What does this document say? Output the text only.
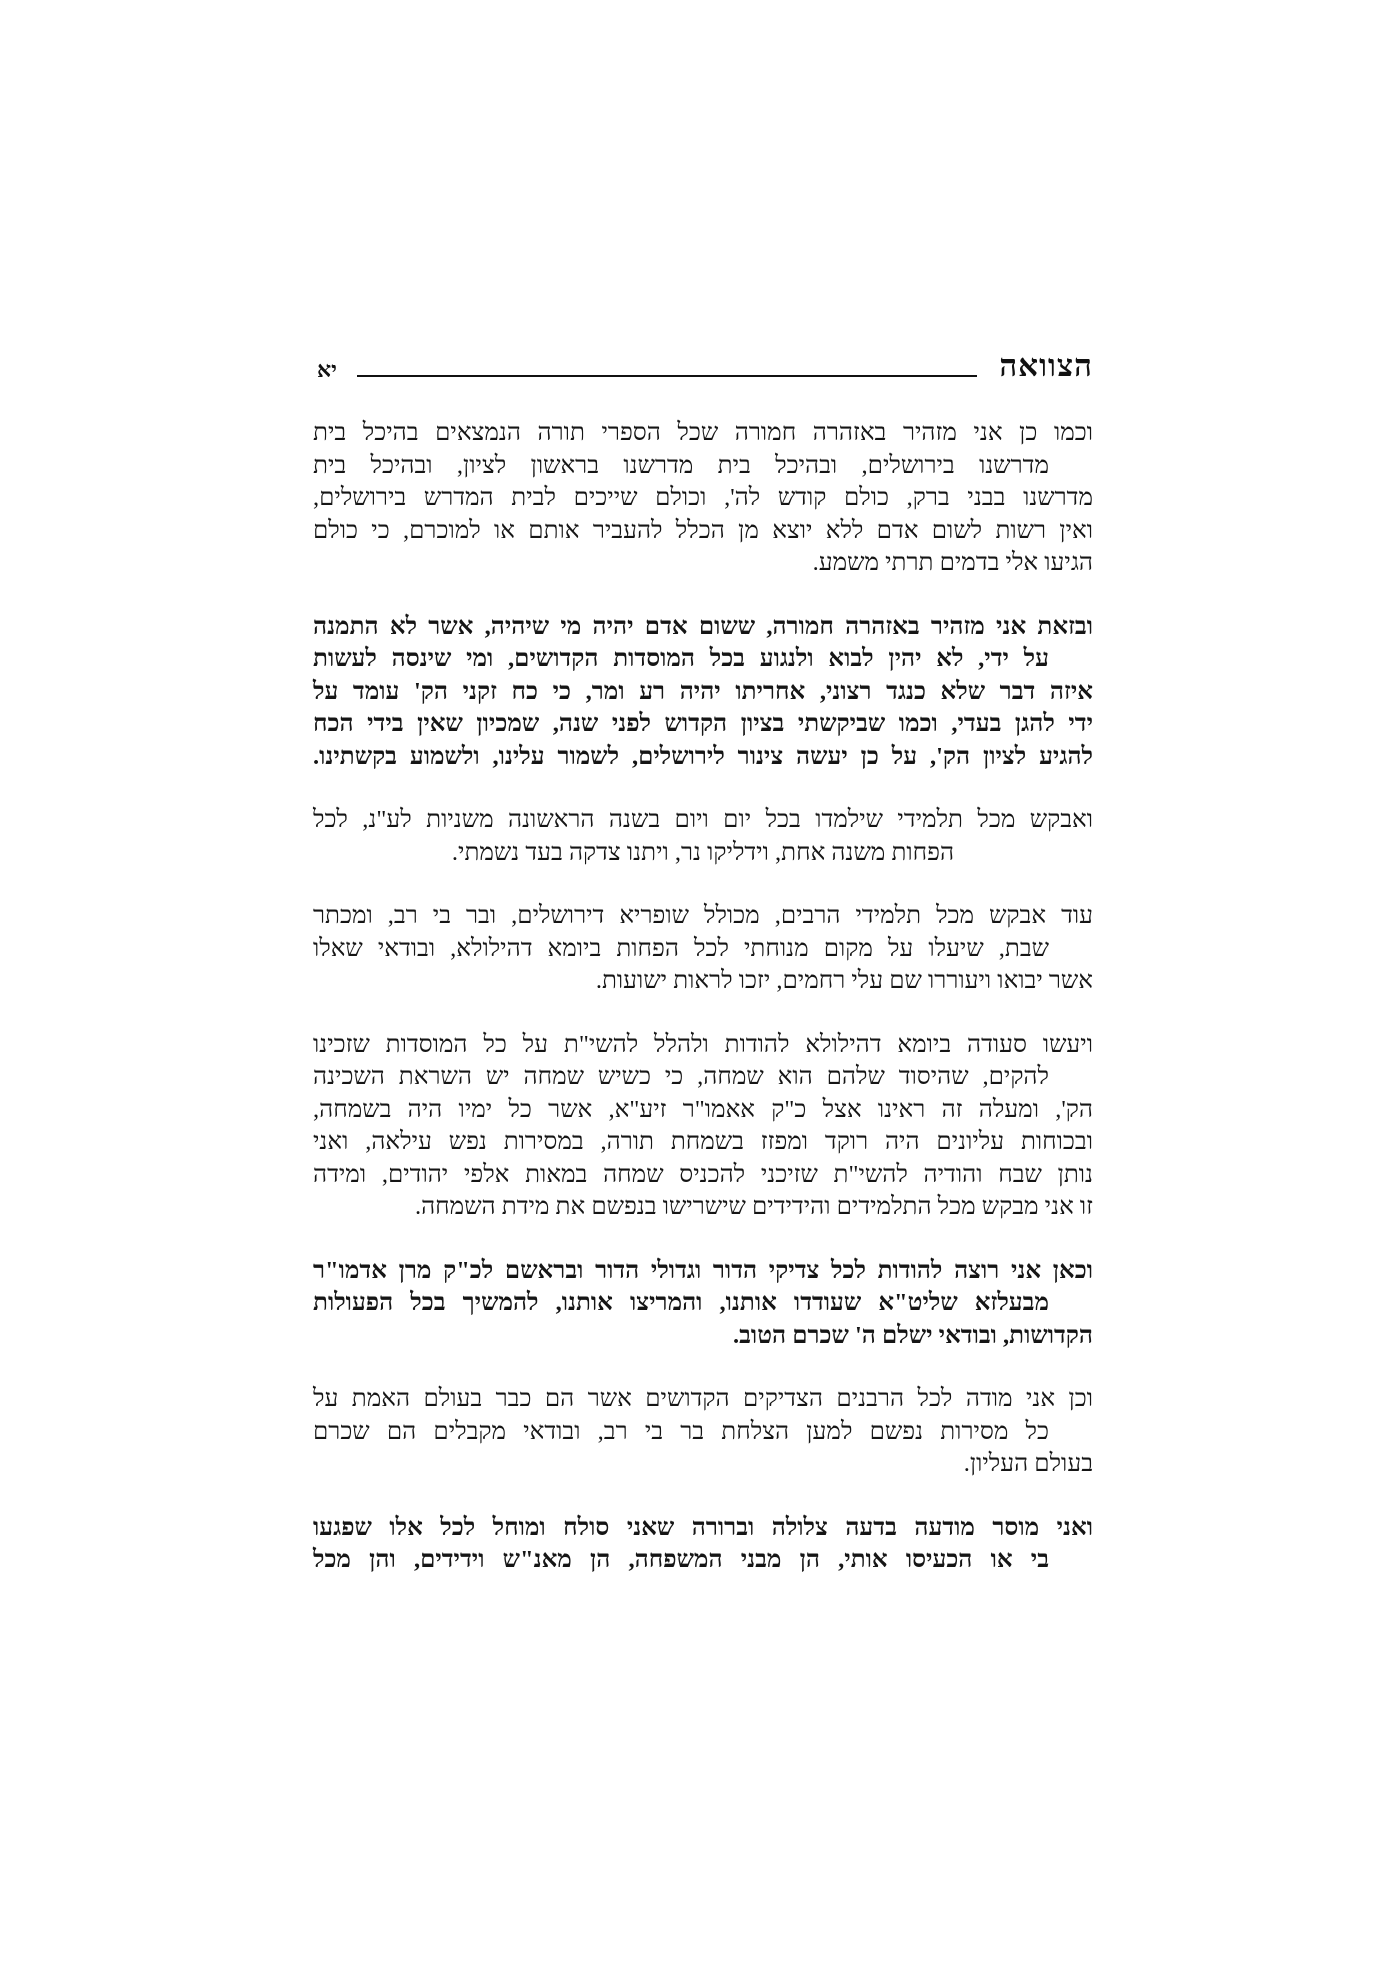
הצוואה
יא
וכמו כן אני מזהיר באזהרה חמורה שכל הספרי תורה הנמצאים בהיכל בית
מדרשנו בירושלים, ובהיכל בית מדרשנו בראשון לציון, ובהיכל בית
מדרשנו בבני ברק, כולם קודש לה', וכולם שייכים לבית המדרש בירושלים,
ואין רשות לשום אדם ללא יוצא מן הכלל להעביר אותם או למוכרם, כי כולם
הגיעו אלי בדמים תרתי משמע.
ובזאת אני מזהיר באזהרה חמורה, ששום אדם יהיה מי שיהיה, אשר לא התמנה
על ידי, לא יהין לבוא ולנגוע בכל המוסדות הקדושים, ומי שינסה לעשות
איזה דבר שלא כנגד רצוני, אחריתו יהיה רע ומר, כי כח זקני הק' עומד על
ידי להגן בעדי, וכמו שביקשתי בציון הקדוש לפני שנה, שמכיון שאין בידי הכח
להגיע לציון הק', על כן יעשה צינור לירושלים, לשמור עלינו, ולשמוע בקשתינו.
ואבקש מכל תלמידי שילמדו בכל יום ויום בשנה הראשונה משניות לע"נ, לכל
הפחות משנה אחת, וידליקו נר, ויתנו צדקה בעד נשמתי.
עוד אבקש מכל תלמידי הרבים, מכולל שופריא דירושלים, ובר בי רב, ומכתר
שבת, שיעלו על מקום מנוחתי לכל הפחות ביומא דהילולא, ובודאי שאלו
אשר יבואו ויעוררו שם עלי רחמים, יזכו לראות ישועות.
ויעשו סעודה ביומא דהילולא להודות ולהלל להשי"ת על כל המוסדות שזכינו
להקים, שהיסוד שלהם הוא שמחה, כי כשיש שמחה יש השראת השכינה
הק', ומעלה זה ראינו אצל כ"ק אאמו"ר זיע"א, אשר כל ימיו היה בשמחה,
ובכוחות עליונים היה רוקד ומפזז בשמחת תורה, במסירות נפש עילאה, ואני
נותן שבח והודיה להשי"ת שזיכני להכניס שמחה במאות אלפי יהודים, ומידה
זו אני מבקש מכל התלמידים והידידים שישרישו בנפשם את מידת השמחה.
וכאן אני רוצה להודות לכל צדיקי הדור וגדולי הדור ובראשם לכ"ק מרן אדמו"ר
מבעלזא שליט"א שעודדו אותנו, והמריצו אותנו, להמשיך בכל הפעולות
הקדושות, ובודאי ישלם ה' שכרם הטוב.
וכן אני מודה לכל הרבנים הצדיקים הקדושים אשר הם כבר בעולם האמת על
כל מסירות נפשם למען הצלחת בר בי רב, ובודאי מקבלים הם שכרם
בעולם העליון.
ואני מוסר מודעה בדעה צלולה וברורה שאני סולח ומוחל לכל אלו שפגעו
בי או הכעיסו אותי, הן מבני המשפחה, הן מאנ"ש וידידים, והן מכל
